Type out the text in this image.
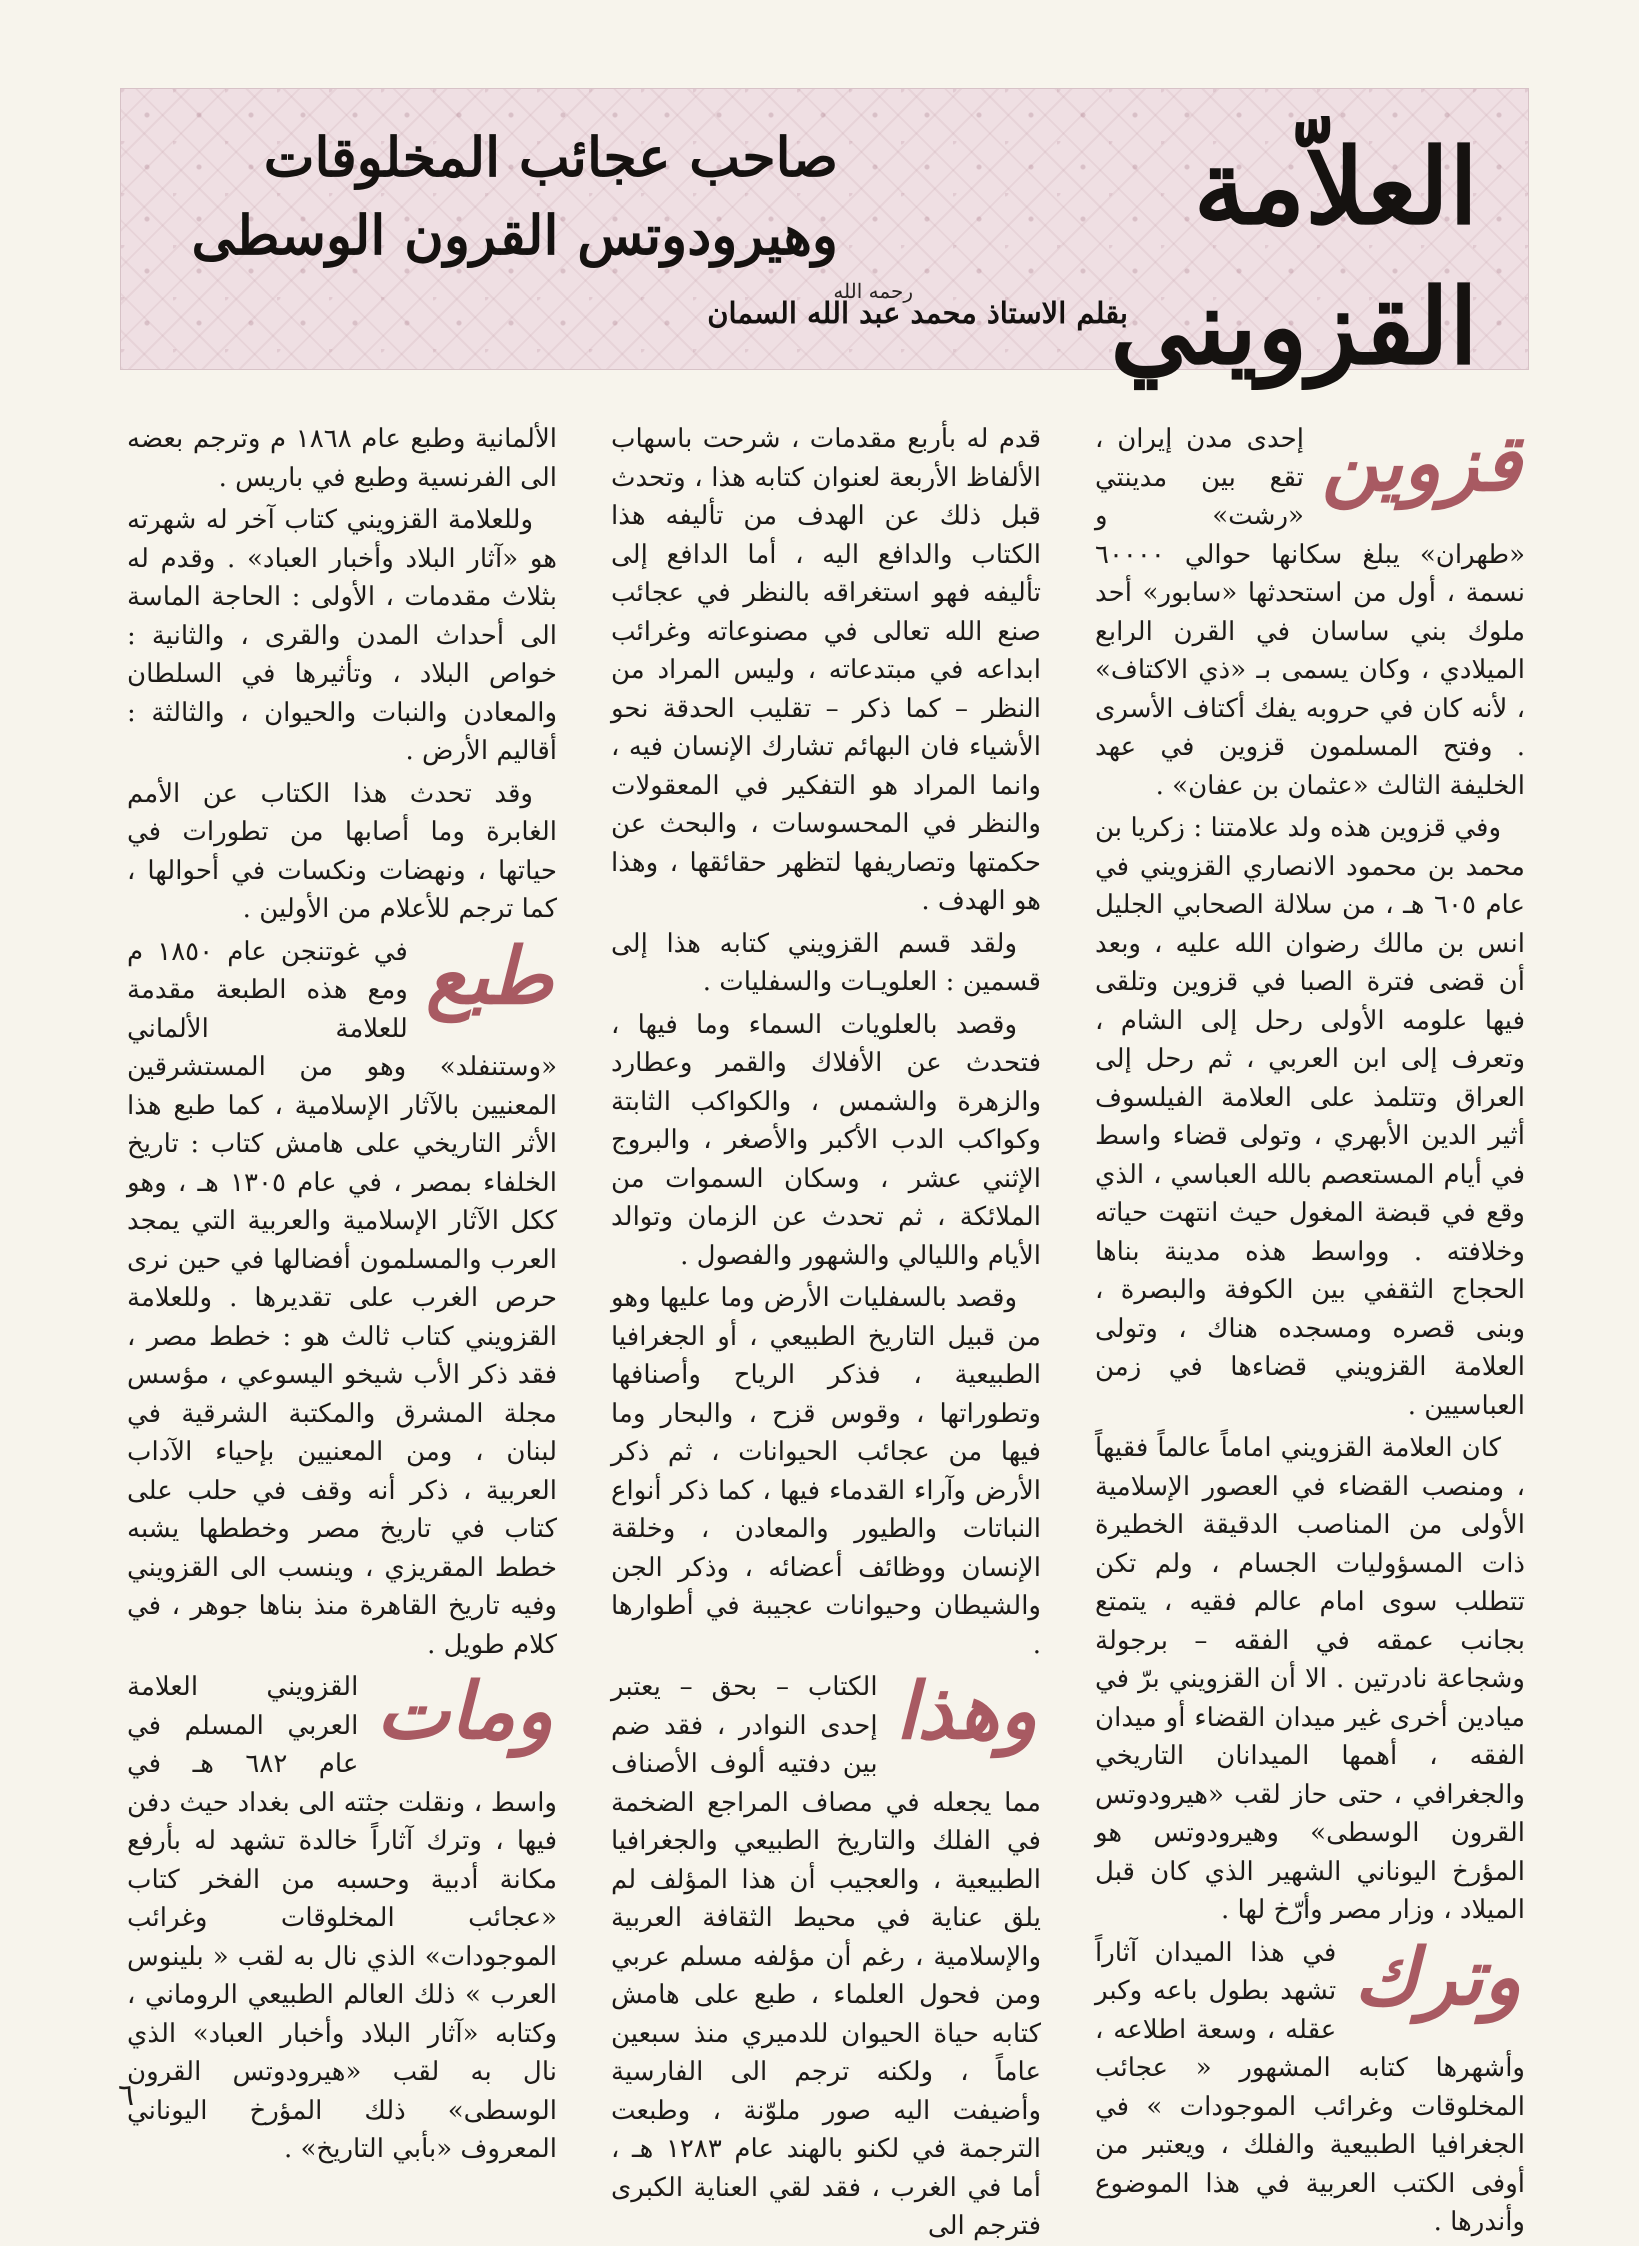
العلاّمة القزويني
رحمه الله
صاحب عجائب المخلوقات
وهيرودوتس القرون الوسطى
بقلم الاستاذ محمد عبد الله السمان
قزوين

إحدى مدن إيران ، تقع بين مدينتي «رشت» و «طهران» يبلغ سكانها حوالي ٦٠٠٠٠ نسمة ، أول من استحدثها «سابور» أحد ملوك بني ساسان في القرن الرابع الميلادي ، وكان يسمى بـ «ذي الاكتاف» ، لأنه كان في حروبه يفك أكتاف الأسرى . وفتح المسلمون قزوين في عهد الخليفة الثالث «عثمان بن عفان» .

وفي قزوين هذه ولد علامتنا : زكريا بن محمد بن محمود الانصاري القزويني في عام ٦٠٥ هـ ، من سلالة الصحابي الجليل انس بن مالك رضوان الله عليه ، وبعد أن قضى فترة الصبا في قزوين وتلقى فيها علومه الأولى رحل إلى الشام ، وتعرف إلى ابن العربي ، ثم رحل إلى العراق وتتلمذ على العلامة الفيلسوف أثير الدين الأبهري ، وتولى قضاء واسط في أيام المستعصم بالله العباسي ، الذي وقع في قبضة المغول حيث انتهت حياته وخلافته . وواسط هذه مدينة بناها الحجاج الثقفي بين الكوفة والبصرة ، وبنى قصره ومسجده هناك ، وتولى العلامة القزويني قضاءها في زمن العباسيين .

كان العلامة القزويني اماماً عالماً فقيهاً ، ومنصب القضاء في العصور الإسلامية الأولى من المناصب الدقيقة الخطيرة ذات المسؤوليات الجسام ، ولم تكن تتطلب سوى امام عالم فقيه ، يتمتع بجانب عمقه في الفقه – برجولة وشجاعة نادرتين . الا أن القزويني برّ في ميادين أخرى غير ميدان القضاء أو ميدان الفقه ، أهمها الميدانان التاريخي والجغرافي ، حتى حاز لقب «هيرودوتس القرون الوسطى» وهيرودوتس هو المؤرخ اليوناني الشهير الذي كان قبل الميلاد ، وزار مصر وأرّخ لها .

وترك

في هذا الميدان آثاراً تشهد بطول باعه وكبر عقله ، وسعة اطلاعه ، وأشهرها كتابه المشهور « عجائب المخلوقات وغرائب الموجودات » في الجغرافيا الطبيعية والفلك ، ويعتبر من أوفى الكتب العربية في هذا الموضوع وأندرها .

قدم له بأربع مقدمات ، شرحت باسهاب الألفاظ الأربعة لعنوان كتابه هذا ، وتحدث قبل ذلك عن الهدف من تأليفه هذا الكتاب والدافع اليه ، أما الدافع إلى تأليفه فهو استغراقه بالنظر في عجائب صنع الله تعالى في مصنوعاته وغرائب ابداعه في مبتدعاته ، وليس المراد من النظر – كما ذكر – تقليب الحدقة نحو الأشياء فان البهائم تشارك الإنسان فيه ، وانما المراد هو التفكير في المعقولات والنظر في المحسوسات ، والبحث عن حكمتها وتصاريفها لتظهر حقائقها ، وهذا هو الهدف .

ولقد قسم القزويني كتابه هذا إلى قسمين : العلويـات والسفليات .

وقصد بالعلويات السماء وما فيها ، فتحدث عن الأفلاك والقمر وعطارد والزهرة والشمس ، والكواكب الثابتة وكواكب الدب الأكبر والأصغر ، والبروج الإثني عشر ، وسكان السموات من الملائكة ، ثم تحدث عن الزمان وتوالد الأيام والليالي والشهور والفصول .

وقصد بالسفليات الأرض وما عليها وهو من قبيل التاريخ الطبيعي ، أو الجغرافيا الطبيعية ، فذكر الرياح وأصنافها وتطوراتها ، وقوس قزح ، والبحار وما فيها من عجائب الحيوانات ، ثم ذكر الأرض وآراء القدماء فيها ، كما ذكر أنواع النباتات والطيور والمعادن ، وخلقة الإنسان ووظائف أعضائه ، وذكر الجن والشيطان وحيوانات عجيبة في أطوارها .

وهذا

الكتاب – بحق – يعتبر إحدى النوادر ، فقد ضم بين دفتيه ألوف الأصناف مما يجعله في مصاف المراجع الضخمة في الفلك والتاريخ الطبيعي والجغرافيا الطبيعية ، والعجيب أن هذا المؤلف لم يلق عناية في محيط الثقافة العربية والإسلامية ، رغم أن مؤلفه مسلم عربي ومن فحول العلماء ، طبع على هامش كتابه حياة الحيوان للدميري منذ سبعين عاماً ، ولكنه ترجم الى الفارسية وأضيفت اليه صور ملوّنة ، وطبعت الترجمة في لكنو بالهند عام ١٢٨٣ هـ ، أما في الغرب ، فقد لقي العناية الكبرى فترجم الى

الألمانية وطبع عام ١٨٦٨ م وترجم بعضه الى الفرنسية وطبع في باريس .

وللعلامة القزويني كتاب آخر له شهرته هو «آثار البلاد وأخبار العباد» . وقدم له بثلاث مقدمات ، الأولى : الحاجة الماسة الى أحداث المدن والقرى ، والثانية : خواص البلاد ، وتأثيرها في السلطان والمعادن والنبات والحيوان ، والثالثة : أقاليم الأرض .

وقد تحدث هذا الكتاب عن الأمم الغابرة وما أصابها من تطورات في حياتها ، ونهضات ونكسات في أحوالها ، كما ترجم للأعلام من الأولين .

طبع

في غوتنجن عام ١٨٥٠ م ومع هذه الطبعة مقدمة للعلامة الألماني «وستنفلد» وهو من المستشرقين المعنيين بالآثار الإسلامية ، كما طبع هذا الأثر التاريخي على هامش كتاب : تاريخ الخلفاء بمصر ، في عام ١٣٠٥ هـ ، وهو ككل الآثار الإسلامية والعربية التي يمجد العرب والمسلمون أفضالها في حين نرى حرص الغرب على تقديرها . وللعلامة القزويني كتاب ثالث هو : خطط مصر ، فقد ذكر الأب شيخو اليسوعي ، مؤسس مجلة المشرق والمكتبة الشرقية في لبنان ، ومن المعنيين بإحياء الآداب العربية ، ذكر أنه وقف في حلب على كتاب في تاريخ مصر وخططها يشبه خطط المقريزي ، وينسب الى القزويني وفيه تاريخ القاهرة منذ بناها جوهر ، في كلام طويل .

ومات

القزويني العلامة العربي المسلم في عام ٦٨٢ هـ في واسط ، ونقلت جثته الى بغداد حيث دفن فيها ، وترك آثاراً خالدة تشهد له بأرفع مكانة أدبية وحسبه من الفخر كتاب «عجائب المخلوقات وغرائب الموجودات» الذي نال به لقب « بلينوس العرب » ذلك العالم الطبيعي الروماني ، وكتابه «آثار البلاد وأخبار العباد» الذي نال به لقب «هيرودوتس القرون الوسطى» ذلك المؤرخ اليوناني المعروف «بأبي التاريخ» .

٦
